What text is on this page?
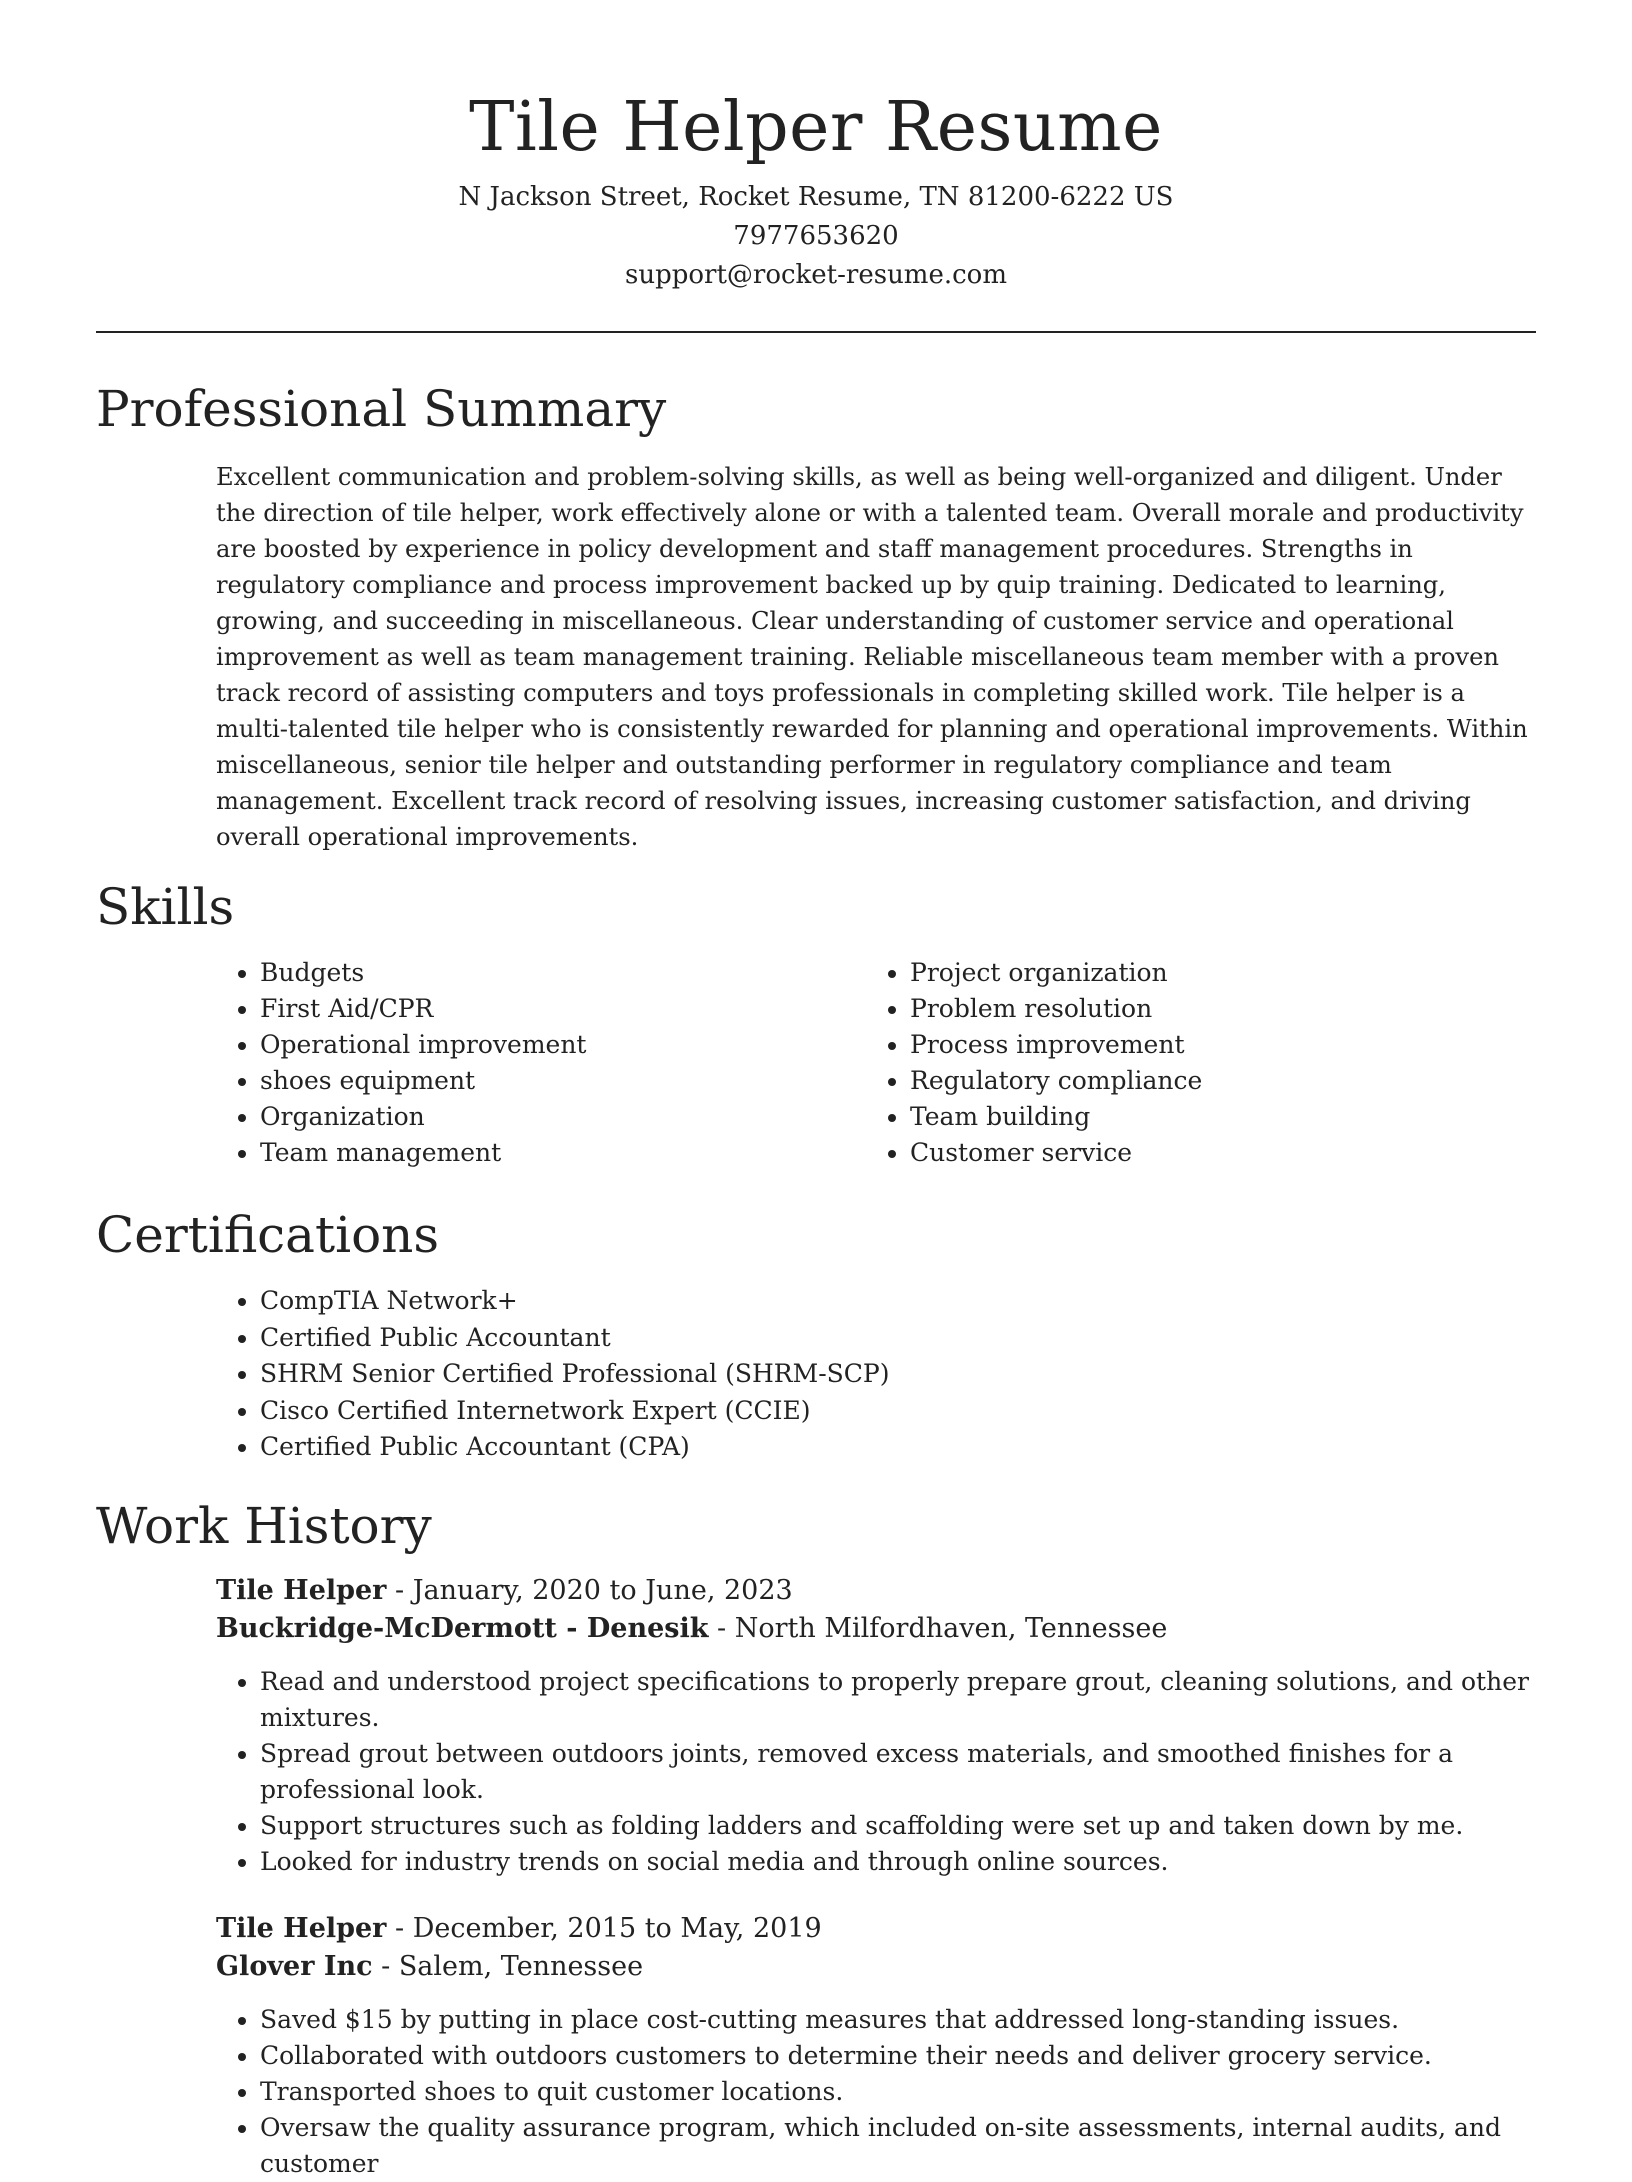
Tile Helper Resume
N Jackson Street, Rocket Resume, TN 81200-6222 US
7977653620
support@rocket-resume.com
Professional Summary

Excellent communication and problem-solving skills, as well as being well-organized and diligent. Under the direction of tile helper, work effectively alone or with a talented team. Overall morale and productivity are boosted by experience in policy development and staff management procedures. Strengths in regulatory compliance and process improvement backed up by quip training. Dedicated to learning, growing, and succeeding in miscellaneous. Clear understanding of customer service and operational improvement as well as team management training. Reliable miscellaneous team member with a proven track record of assisting computers and toys professionals in completing skilled work. Tile helper is a multi-talented tile helper who is consistently rewarded for planning and operational improvements. Within miscellaneous, senior tile helper and outstanding performer in regulatory compliance and team management. Excellent track record of resolving issues, increasing customer satisfaction, and driving overall operational improvements.

Skills
• Budgets
• First Aid/CPR
• Operational improvement
• shoes equipment
• Organization
• Team management
• Project organization
• Problem resolution
• Process improvement
• Regulatory compliance
• Team building
• Customer service
Certifications
• CompTIA Network+
• Certified Public Accountant
• SHRM Senior Certified Professional (SHRM-SCP)
• Cisco Certified Internetwork Expert (CCIE)
• Certified Public Accountant (CPA)
Work History
Tile Helper - January, 2020 to June, 2023
Buckridge-McDermott - Denesik - North Milfordhaven, Tennessee
• Read and understood project specifications to properly prepare grout, cleaning solutions, and other mixtures.
• Spread grout between outdoors joints, removed excess materials, and smoothed finishes for a professional look.
• Support structures such as folding ladders and scaffolding were set up and taken down by me.
• Looked for industry trends on social media and through online sources.
Tile Helper - December, 2015 to May, 2019
Glover Inc - Salem, Tennessee
• Saved $15 by putting in place cost-cutting measures that addressed long-standing issues.
• Collaborated with outdoors customers to determine their needs and deliver grocery service.
• Transported shoes to quit customer locations.
• Oversaw the quality assurance program, which included on-site assessments, internal audits, and customer
